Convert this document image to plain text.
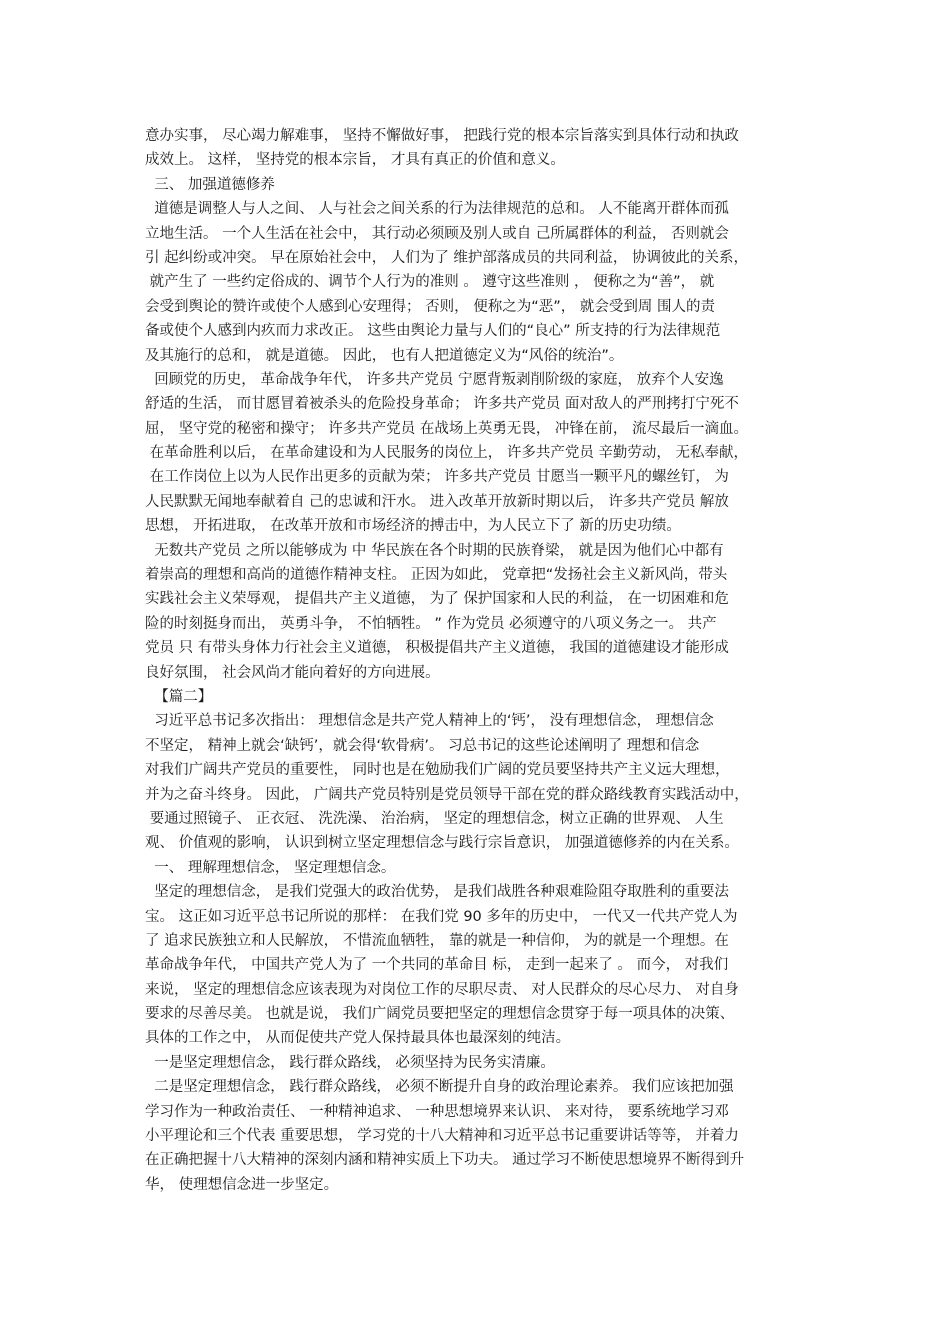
意办实事， 尽心竭力解难事， 坚持不懈做好事， 把践行党的根本宗旨落实到具体行动和执政
成效上。 这样， 坚持党的根本宗旨， 才具有真正的价值和意义。
三、 加强道德修养
道德是调整人与人之间、 人与社会之间关系的行为法律规范的总和。 人不能离开群体而孤
立地生活。 一个人生活在社会中， 其行动必须顾及别人或自 己所属群体的利益， 否则就会
引 起纠纷或冲突。 早在原始社会中， 人们为了 维护部落成员的共同利益， 协调彼此的关系，
就产生了 一些约定俗成的、调节个人行为的准则 。 遵守这些准则 ， 便称之为“善”， 就
会受到舆论的赞许或使个人感到心安理得； 否则， 便称之为“恶”， 就会受到周 围人的责
备或使个人感到内疚而力求改正。 这些由舆论力量与人们的“良心” 所支持的行为法律规范
及其施行的总和， 就是道德。 因此， 也有人把道德定义为“风俗的统治”。
回顾党的历史， 革命战争年代， 许多共产党员 宁愿背叛剥削阶级的家庭， 放弃个人安逸
舒适的生活， 而甘愿冒着被杀头的危险投身革命； 许多共产党员 面对敌人的严刑拷打宁死不
屈， 坚守党的秘密和操守； 许多共产党员 在战场上英勇无畏， 冲锋在前， 流尽最后一滴血。
在革命胜利以后， 在革命建设和为人民服务的岗位上， 许多共产党员 辛勤劳动， 无私奉献，
在工作岗位上以为人民作出更多的贡献为荣； 许多共产党员 甘愿当一颗平凡的螺丝钉， 为
人民默默无闻地奉献着自 己的忠诚和汗水。 进入改革开放新时期以后， 许多共产党员 解放
思想， 开拓进取， 在改革开放和市场经济的搏击中，为人民立下了 新的历史功绩。
无数共产党员 之所以能够成为 中 华民族在各个时期的民族脊梁， 就是因为他们心中都有
着崇高的理想和高尚的道德作精神支柱。 正因为如此， 党章把“发扬社会主义新风尚，带头
实践社会主义荣辱观， 提倡共产主义道德， 为了 保护国家和人民的利益， 在一切困难和危
险的时刻挺身而出， 英勇斗争， 不怕牺牲。 ” 作为党员 必须遵守的八项义务之一。 共产
党员 只 有带头身体力行社会主义道德， 积极提倡共产主义道德， 我国的道德建设才能形成
良好氛围， 社会风尚才能向着好的方向进展。
【篇二】
习近平总书记多次指出： 理想信念是共产党人精神上的‘钙’， 没有理想信念， 理想信念
不坚定， 精神上就会‘缺钙’，就会得‘软骨病’。 习总书记的这些论述阐明了 理想和信念
对我们广阔共产党员的重要性， 同时也是在勉励我们广阔的党员要坚持共产主义远大理想，
并为之奋斗终身。 因此， 广阔共产党员特别是党员领导干部在党的群众路线教育实践活动中，
要通过照镜子、 正衣冠、 洗洗澡、 治治病， 坚定的理想信念，树立正确的世界观、 人生
观、 价值观的影响， 认识到树立坚定理想信念与践行宗旨意识， 加强道德修养的内在关系。
一、 理解理想信念， 坚定理想信念。
坚定的理想信念， 是我们党强大的政治优势， 是我们战胜各种艰难险阻夺取胜利的重要法
宝。 这正如习近平总书记所说的那样： 在我们党 90 多年的历史中， 一代又一代共产党人为
了 追求民族独立和人民解放， 不惜流血牺牲， 靠的就是一种信仰， 为的就是一个理想。在
革命战争年代， 中国共产党人为了 一个共同的革命目 标， 走到一起来了 。 而今， 对我们
来说， 坚定的理想信念应该表现为对岗位工作的尽职尽责、 对人民群众的尽心尽力、 对自身
要求的尽善尽美。 也就是说， 我们广阔党员要把坚定的理想信念贯穿于每一项具体的决策、
具体的工作之中， 从而促使共产党人保持最具体也最深刻的纯洁。
一是坚定理想信念， 践行群众路线， 必须坚持为民务实清廉。
二是坚定理想信念， 践行群众路线， 必须不断提升自身的政治理论素养。 我们应该把加强
学习作为一种政治责任、 一种精神追求、 一种思想境界来认识、 来对待， 要系统地学习邓
小平理论和三个代表 重要思想， 学习党的十八大精神和习近平总书记重要讲话等等， 并着力
在正确把握十八大精神的深刻内涵和精神实质上下功夫。 通过学习不断使思想境界不断得到升
华， 使理想信念进一步坚定。
